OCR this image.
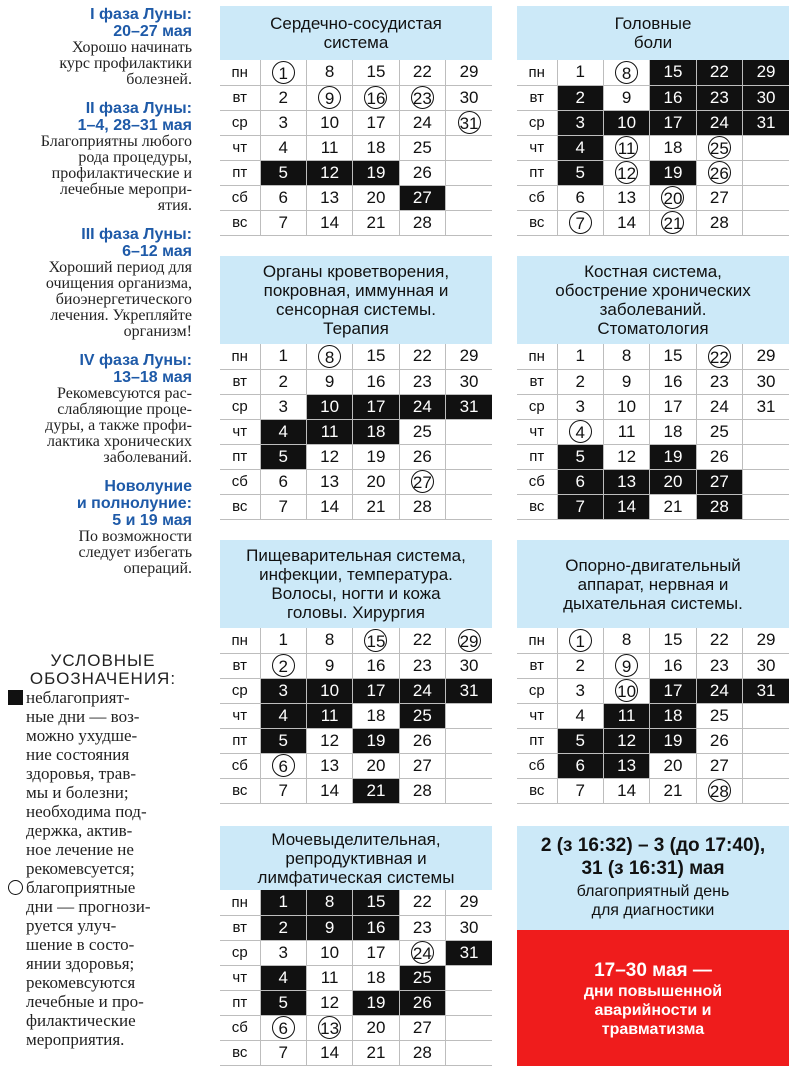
I фаза Луны:
20–27 мая
Хорошо начинать
курс профилактики
болезней.
II фаза Луны:
1–4, 28–31 мая
Благоприятны любого
рода процедуры,
профилактические и
лечебные меропри-
ятия.
III фаза Луны:
6–12 мая
Хороший период для
очищения организма,
биоэнергетического
лечения. Укрепляйте
организм!
IV фаза Луны:
13–18 мая
Рекомевсуются рас-
слабляющие проце-
дуры, а также профи-
лактика хронических
заболеваний.
Новолуние
и полнолуние:
5 и 19 мая
По возможности
следует избегать
операций.
УСЛОВНЫЕ
ОБОЗНАЧЕНИЯ:
неблагоприят-
ные дни — воз-
можно ухудше-
ние состояния
здоровья, трав-
мы и болезни;
необходима под-
держка, актив-
ное лечение не
рекомевсуется;
благоприятные
дни — прогнози-
руется улуч-
шение в состо-
янии здоровья;
рекомевсуются
лечебные и про-
филактические
мероприятия.
Сердечно-сосудистая
система
пн	1	8	15	22	29
вт	2	9	16	23	30
ср	3	10	17	24	31
чт	4	11	18	25	
пт	5	12	19	26	
сб	6	13	20	27	
вс	7	14	21	28	
Головные
боли
пн	1	8	15	22	29
вт	2	9	16	23	30
ср	3	10	17	24	31
чт	4	11	18	25	
пт	5	12	19	26	
сб	6	13	20	27	
вс	7	14	21	28	
Органы кроветворения,
покровная, иммунная и
сенсорная системы.
Терапия
пн	1	8	15	22	29
вт	2	9	16	23	30
ср	3	10	17	24	31
чт	4	11	18	25	
пт	5	12	19	26	
сб	6	13	20	27	
вс	7	14	21	28	
Костная система,
обострение хронических
заболеваний.
Стоматология
пн	1	8	15	22	29
вт	2	9	16	23	30
ср	3	10	17	24	31
чт	4	11	18	25	
пт	5	12	19	26	
сб	6	13	20	27	
вс	7	14	21	28	
Пищеварительная система,
инфекции, температура.
Волосы, ногти и кожа
головы. Хирургия
пн	1	8	15	22	29
вт	2	9	16	23	30
ср	3	10	17	24	31
чт	4	11	18	25	
пт	5	12	19	26	
сб	6	13	20	27	
вс	7	14	21	28	
Опорно-двигательный
аппарат, нервная и
дыхательная системы.
пн	1	8	15	22	29
вт	2	9	16	23	30
ср	3	10	17	24	31
чт	4	11	18	25	
пт	5	12	19	26	
сб	6	13	20	27	
вс	7	14	21	28	
Мочевыделительная,
репродуктивная и
лимфатическая системы
пн	1	8	15	22	29
вт	2	9	16	23	30
ср	3	10	17	24	31
чт	4	11	18	25	
пт	5	12	19	26	
сб	6	13	20	27	
вс	7	14	21	28	
2 (з 16:32) – 3 (до 17:40),
31 (з 16:31) мая
благоприятный день
для диагностики
17–30 мая —
дни повышенной
аварийности и
травматизма
